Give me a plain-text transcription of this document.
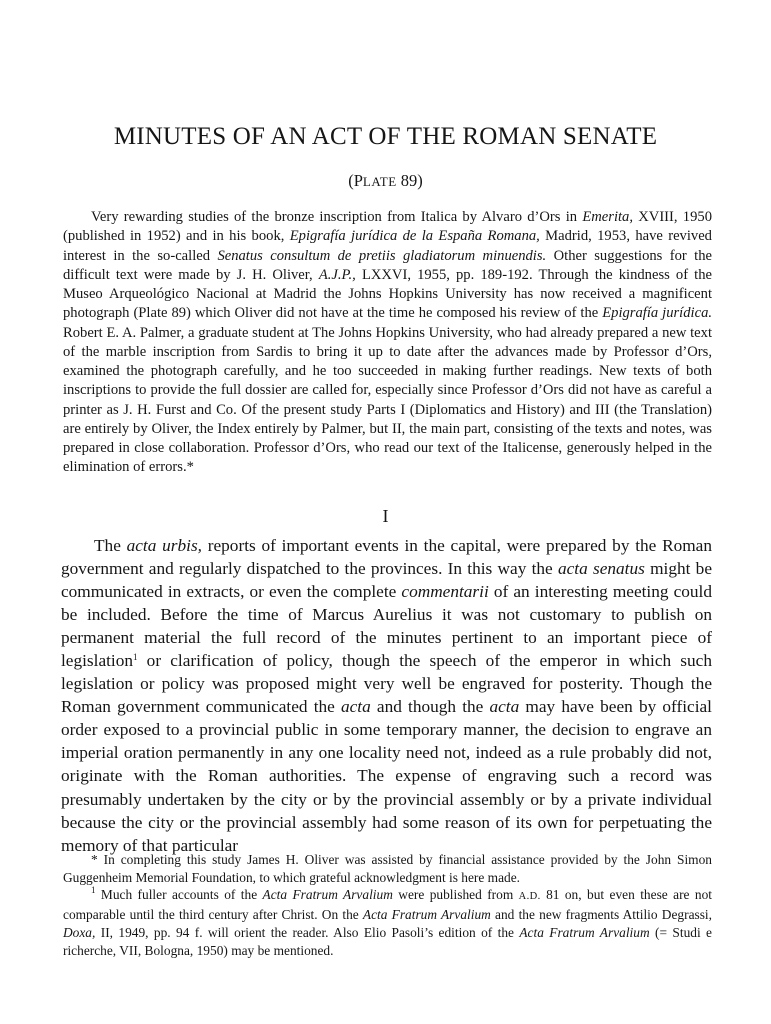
MINUTES OF AN ACT OF THE ROMAN SENATE
(PLATE 89)

Very rewarding studies of the bronze inscription from Italica by Alvaro d’Ors in Emerita, XVIII, 1950 (published in 1952) and in his book, Epigrafía jurídica de la España Romana, Madrid, 1953, have revived interest in the so-called Senatus consultum de pretiis gladiatorum minuendis. Other suggestions for the difficult text were made by J. H. Oliver, A.J.P., LXXVI, 1955, pp. 189-192. Through the kindness of the Museo Arqueológico Nacional at Madrid the Johns Hopkins University has now received a magnificent photograph (Plate 89) which Oliver did not have at the time he composed his review of the Epigrafía jurídica. Robert E. A. Palmer, a graduate student at The Johns Hopkins University, who had already prepared a new text of the marble inscription from Sardis to bring it up to date after the advances made by Professor d’Ors, examined the photograph carefully, and he too succeeded in making further readings. New texts of both inscriptions to provide the full dossier are called for, especially since Professor d’Ors did not have as careful a printer as J. H. Furst and Co. Of the present study Parts I (Diplomatics and History) and III (the Translation) are entirely by Oliver, the Index entirely by Palmer, but II, the main part, consisting of the texts and notes, was prepared in close collaboration. Professor d’Ors, who read our text of the Italicense, generously helped in the elimination of errors.*

I

The acta urbis, reports of important events in the capital, were prepared by the Roman government and regularly dispatched to the provinces. In this way the acta senatus might be communicated in extracts, or even the complete commentarii of an interesting meeting could be included. Before the time of Marcus Aurelius it was not customary to publish on permanent material the full record of the minutes pertinent to an important piece of legislation$^1$ or clarification of policy, though the speech of the emperor in which such legislation or policy was proposed might very well be engraved for posterity. Though the Roman government communicated the acta and though the acta may have been by official order exposed to a provincial public in some temporary manner, the decision to engrave an imperial oration permanently in any one locality need not, indeed as a rule probably did not, originate with the Roman authorities. The expense of engraving such a record was presumably undertaken by the city or by the provincial assembly or by a private individual because the city or the provincial assembly had some reason of its own for perpetuating the memory of that particular

* In completing this study James H. Oliver was assisted by financial assistance provided by the John Simon Guggenheim Memorial Foundation, to which grateful acknowledgment is here made.

$^1$ Much fuller accounts of the Acta Fratrum Arvalium were published from A.D. 81 on, but even these are not comparable until the third century after Christ. On the Acta Fratrum Arvalium and the new fragments Attilio Degrassi, Doxa, II, 1949, pp. 94 f. will orient the reader. Also Elio Pasoli’s edition of the Acta Fratrum Arvalium (= Studi e richerche, VII, Bologna, 1950) may be mentioned.
